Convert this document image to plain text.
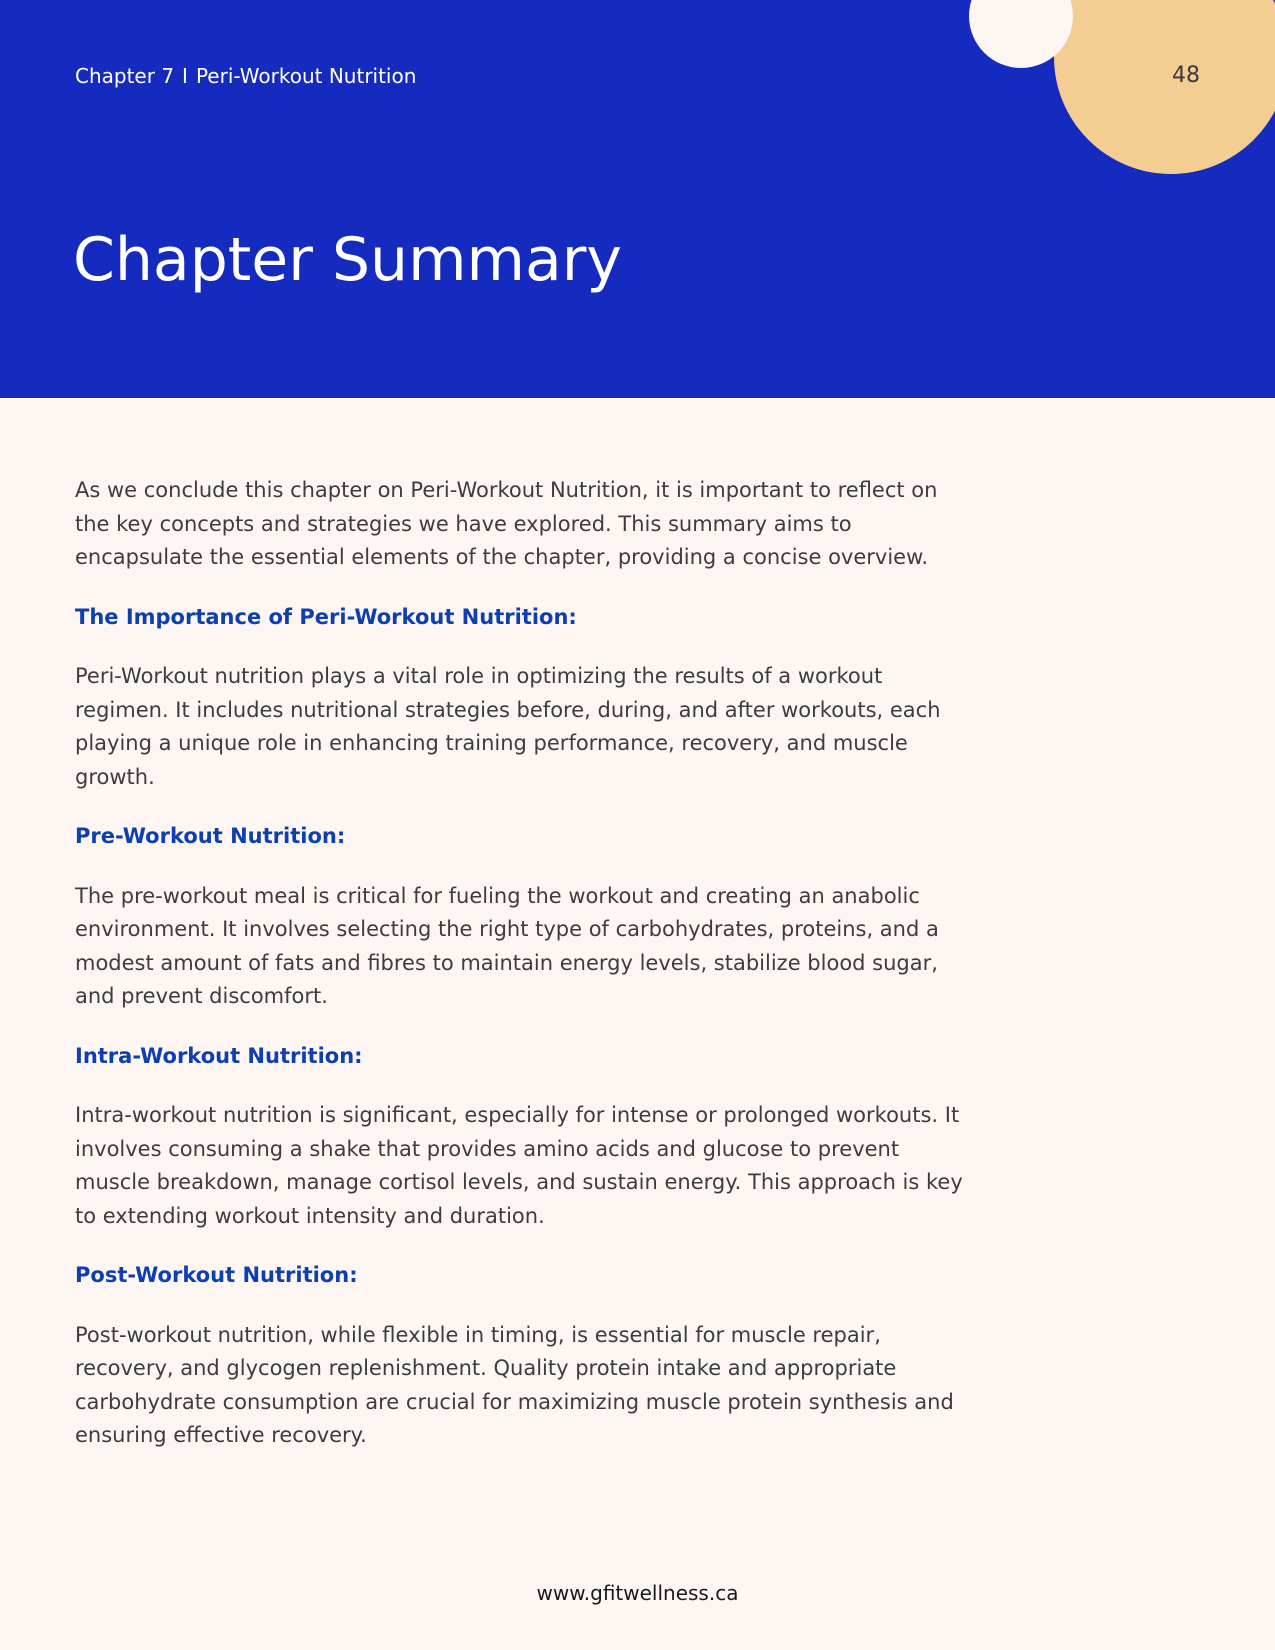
Chapter 7 I Peri-Workout Nutrition	48
Chapter Summary

As we conclude this chapter on Peri-Workout Nutrition, it is important to reflect on the key concepts and strategies we have explored. This summary aims to encapsulate the essential elements of the chapter, providing a concise overview.

The Importance of Peri-Workout Nutrition:

Peri-Workout nutrition plays a vital role in optimizing the results of a workout regimen. It includes nutritional strategies before, during, and after workouts, each playing a unique role in enhancing training performance, recovery, and muscle growth.

Pre-Workout Nutrition:

The pre-workout meal is critical for fueling the workout and creating an anabolic environment. It involves selecting the right type of carbohydrates, proteins, and a modest amount of fats and fibres to maintain energy levels, stabilize blood sugar, and prevent discomfort.

Intra-Workout Nutrition:

Intra-workout nutrition is significant, especially for intense or prolonged workouts. It involves consuming a shake that provides amino acids and glucose to prevent muscle breakdown, manage cortisol levels, and sustain energy. This approach is key to extending workout intensity and duration.

Post-Workout Nutrition:

Post-workout nutrition, while flexible in timing, is essential for muscle repair, recovery, and glycogen replenishment. Quality protein intake and appropriate carbohydrate consumption are crucial for maximizing muscle protein synthesis and ensuring effective recovery.

www.gfitwellness.ca
